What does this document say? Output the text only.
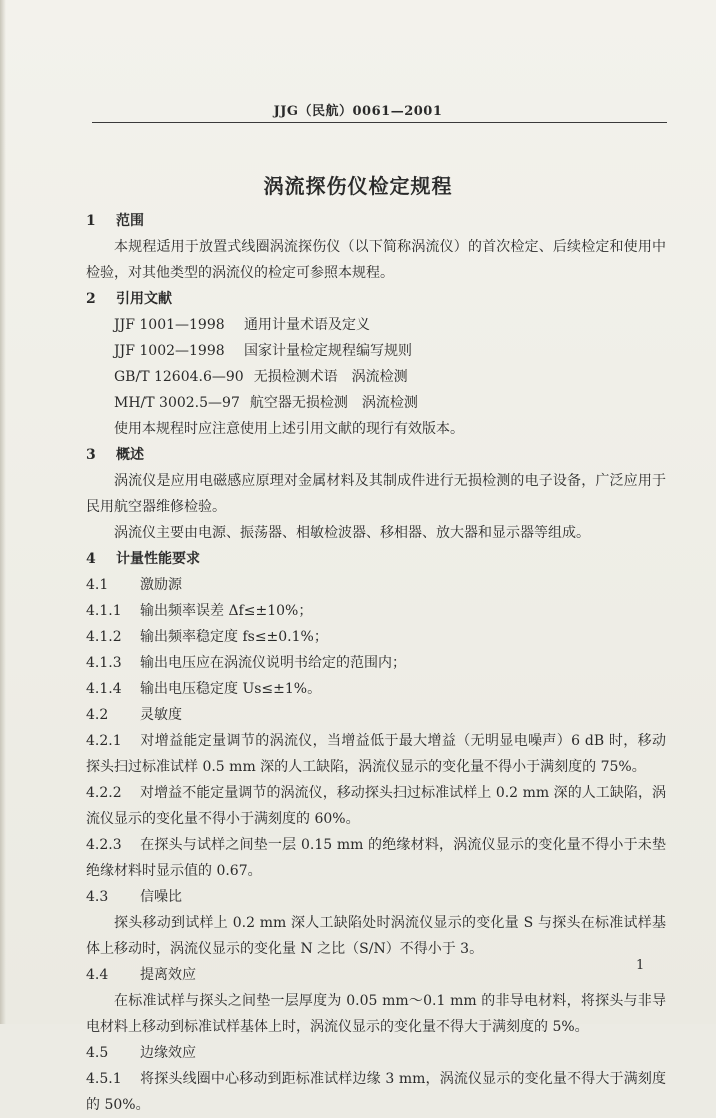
JJG（民航）0061—2001
涡流探伤仪检定规程
1 范围

本规程适用于放置式线圈涡流探伤仪（以下简称涡流仪）的首次检定、后续检定和使用中检验，对其他类型的涡流仪的检定可参照本规程。

2 引用文献
JJF 1001—1998 通用计量术语及定义
JJF 1002—1998 国家计量检定规程编写规则
GB/T 12604.6—90 无损检测术语　涡流检测
MH/T 3002.5—97 航空器无损检测　涡流检测

使用本规程时应注意使用上述引用文献的现行有效版本。

3 概述

涡流仪是应用电磁感应原理对金属材料及其制成件进行无损检测的电子设备，广泛应用于民用航空器维修检验。

涡流仪主要由电源、振荡器、相敏检波器、移相器、放大器和显示器等组成。

4 计量性能要求
4.1 激励源
4.1.1 输出频率误差 Δf≤±10%；
4.1.2 输出频率稳定度 fs≤±0.1%；
4.1.3 输出电压应在涡流仪说明书给定的范围内；
4.1.4 输出电压稳定度 Us≤±1%。
4.2 灵敏度

4.2.1 对增益能定量调节的涡流仪，当增益低于最大增益（无明显电噪声）6 dB 时，移动探头扫过标准试样 0.5 mm 深的人工缺陷，涡流仪显示的变化量不得小于满刻度的 75%。

4.2.2 对增益不能定量调节的涡流仪，移动探头扫过标准试样上 0.2 mm 深的人工缺陷，涡流仪显示的变化量不得小于满刻度的 60%。

4.2.3 在探头与试样之间垫一层 0.15 mm 的绝缘材料，涡流仪显示的变化量不得小于未垫绝缘材料时显示值的 0.67。

4.3 信噪比

探头移动到试样上 0.2 mm 深人工缺陷处时涡流仪显示的变化量 S 与探头在标准试样基体上移动时，涡流仪显示的变化量 N 之比（S/N）不得小于 3。

4.4 提离效应

在标准试样与探头之间垫一层厚度为 0.05 mm～0.1 mm 的非导电材料，将探头与非导电材料上移动到标准试样基体上时，涡流仪显示的变化量不得大于满刻度的 5%。

4.5 边缘效应

4.5.1 将探头线圈中心移动到距标准试样边缘 3 mm，涡流仪显示的变化量不得大于满刻度的 50%。

1
